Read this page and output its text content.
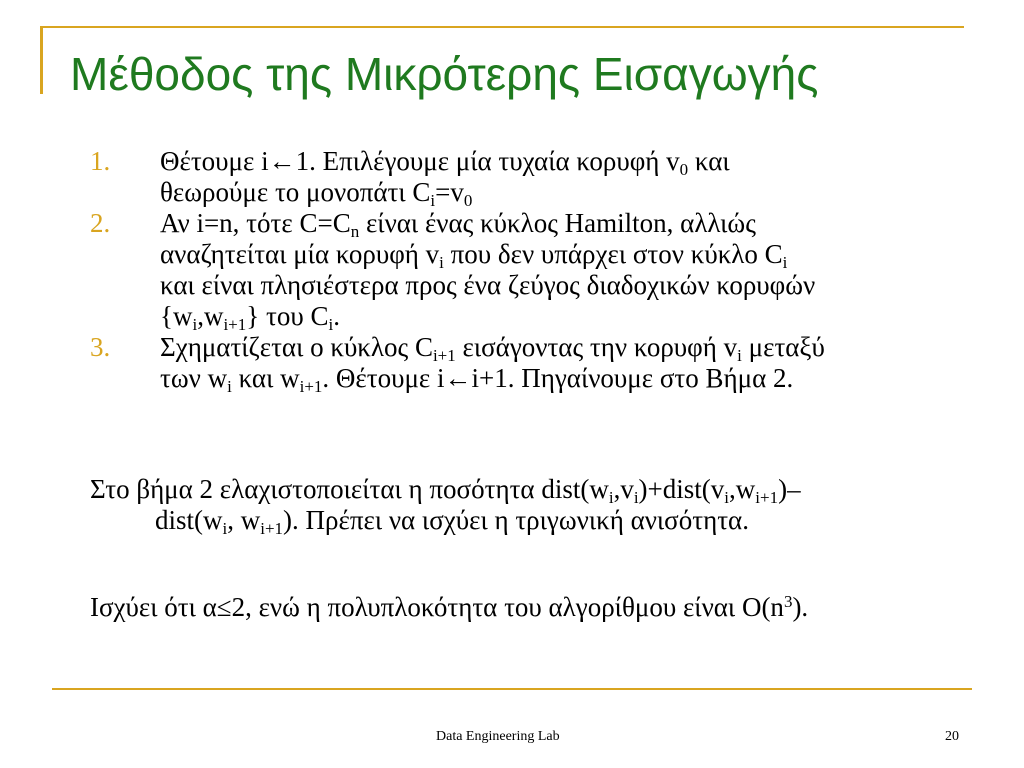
Μέθοδος της Μικρότερης Εισαγωγής
1. Θέτουμε i←1. Επιλέγουμε μία τυχαία κορυφή $v_0$ και
θεωρούμε το μονοπάτι $C_i=v_0$
2. Αν i=n, τότε $C=C_n$ είναι ένας κύκλος Hamilton, αλλιώς
αναζητείται μία κορυφή $v_i$ που δεν υπάρχει στον κύκλο $C_i$
και είναι πλησιέστερα προς ένα ζεύγος διαδοχικών κορυφών
$\{w_i,w_{i+1}\}$ του $C_i$.
3. Σχηματίζεται ο κύκλος $C_{i+1}$ εισάγοντας την κορυφή $v_i$ μεταξύ
των $w_i$ και $w_{i+1}$. Θέτουμε i←i+1. Πηγαίνουμε στο Βήμα 2.
Στο βήμα 2 ελαχιστοποιείται η ποσότητα $dist(w_i,v_i)+dist(v_i,w_{i+1})-$
$dist(w_i$, $w_{i+1}$). Πρέπει να ισχύει η τριγωνική ανισότητα.
Ισχύει ότι α≤2, ενώ η πολυπλοκότητα του αλγορίθμου είναι $O(n^3)$.
Data Engineering Lab	20
